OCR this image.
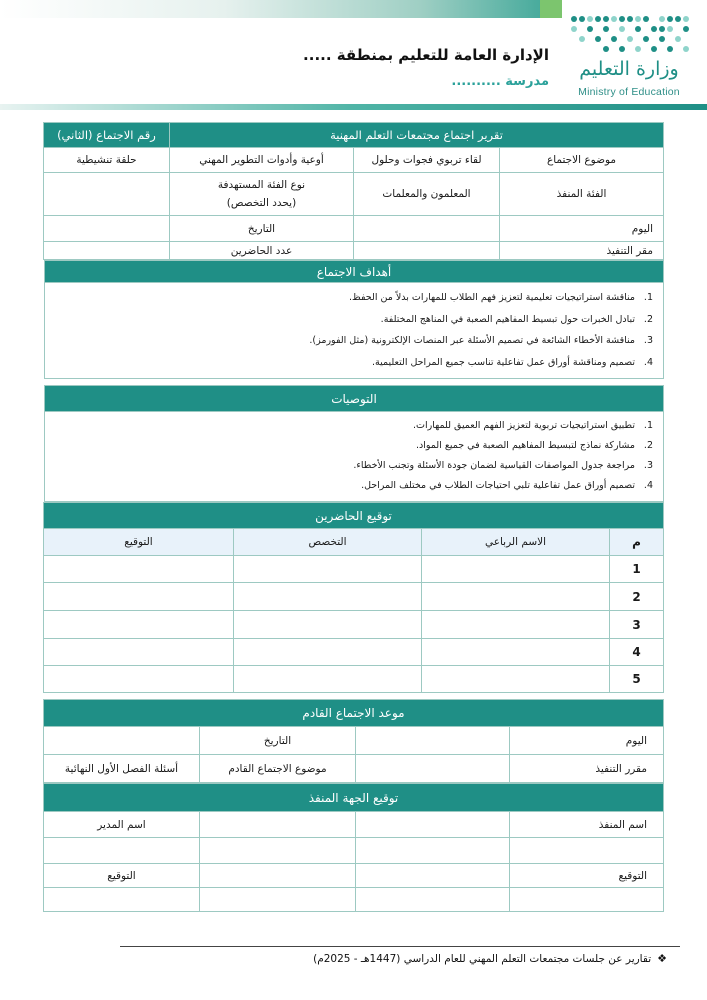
وزارة التعليم
Ministry of Education
الإدارة العامة للتعليم بمنطقة .....
مدرسة ..........
تقرير اجتماع مجتمعات التعلم المهنية			رقم الاجتماع (الثاني)
موضوع الاجتماع	لقاء تربوي فجوات وحلول	أوعية وأدوات التطوير المهني	حلقة تنشيطية
الفئة المنفذ	المعلمون والمعلمات	نوع الفئة المستهدفة
(يحدد التخصص)	

اليوم		التاريخ	
مقر التنفيذ		عدد الحاضرين	
أهداف الاجتماع

1.
مناقشة استراتيجيات تعليمية لتعزيز فهم الطلاب للمهارات بدلاً من الحفظ.
2.
تبادل الخبرات حول تبسيط المفاهيم الصعبة في المناهج المختلفة.
3.
مناقشة الأخطاء الشائعة في تصميم الأسئلة عبر المنصات الإلكترونية (مثل الفورمز).
4.
تصميم ومناقشة أوراق عمل تفاعلية تناسب جميع المراحل التعليمية.
التوصيات

1.
تطبيق استراتيجيات تربوية لتعزيز الفهم العميق للمهارات.
2.
مشاركة نماذج لتبسيط المفاهيم الصعبة في جميع المواد.
3.
مراجعة جدول المواصفات القياسية لضمان جودة الأسئلة وتجنب الأخطاء.
4.
تصميم أوراق عمل تفاعلية تلبي احتياجات الطلاب في مختلف المراحل.
توقيع الحاضرين			
م	الاسم الرباعي	التخصص	التوقيع
1			
2			
3			
4			
5			
موعد الاجتماع القادم			
اليوم		التاريخ	
مقرر التنفيذ		موضوع الاجتماع القادم	أسئلة الفصل الأول النهائية
توقيع الجهة المنفذ			
اسم المنفذ			اسم المدير

التوقيع			التوقيع

❖تقارير عن جلسات مجتمعات التعلم المهني للعام الدراسي (1447هـ - 2025م)
